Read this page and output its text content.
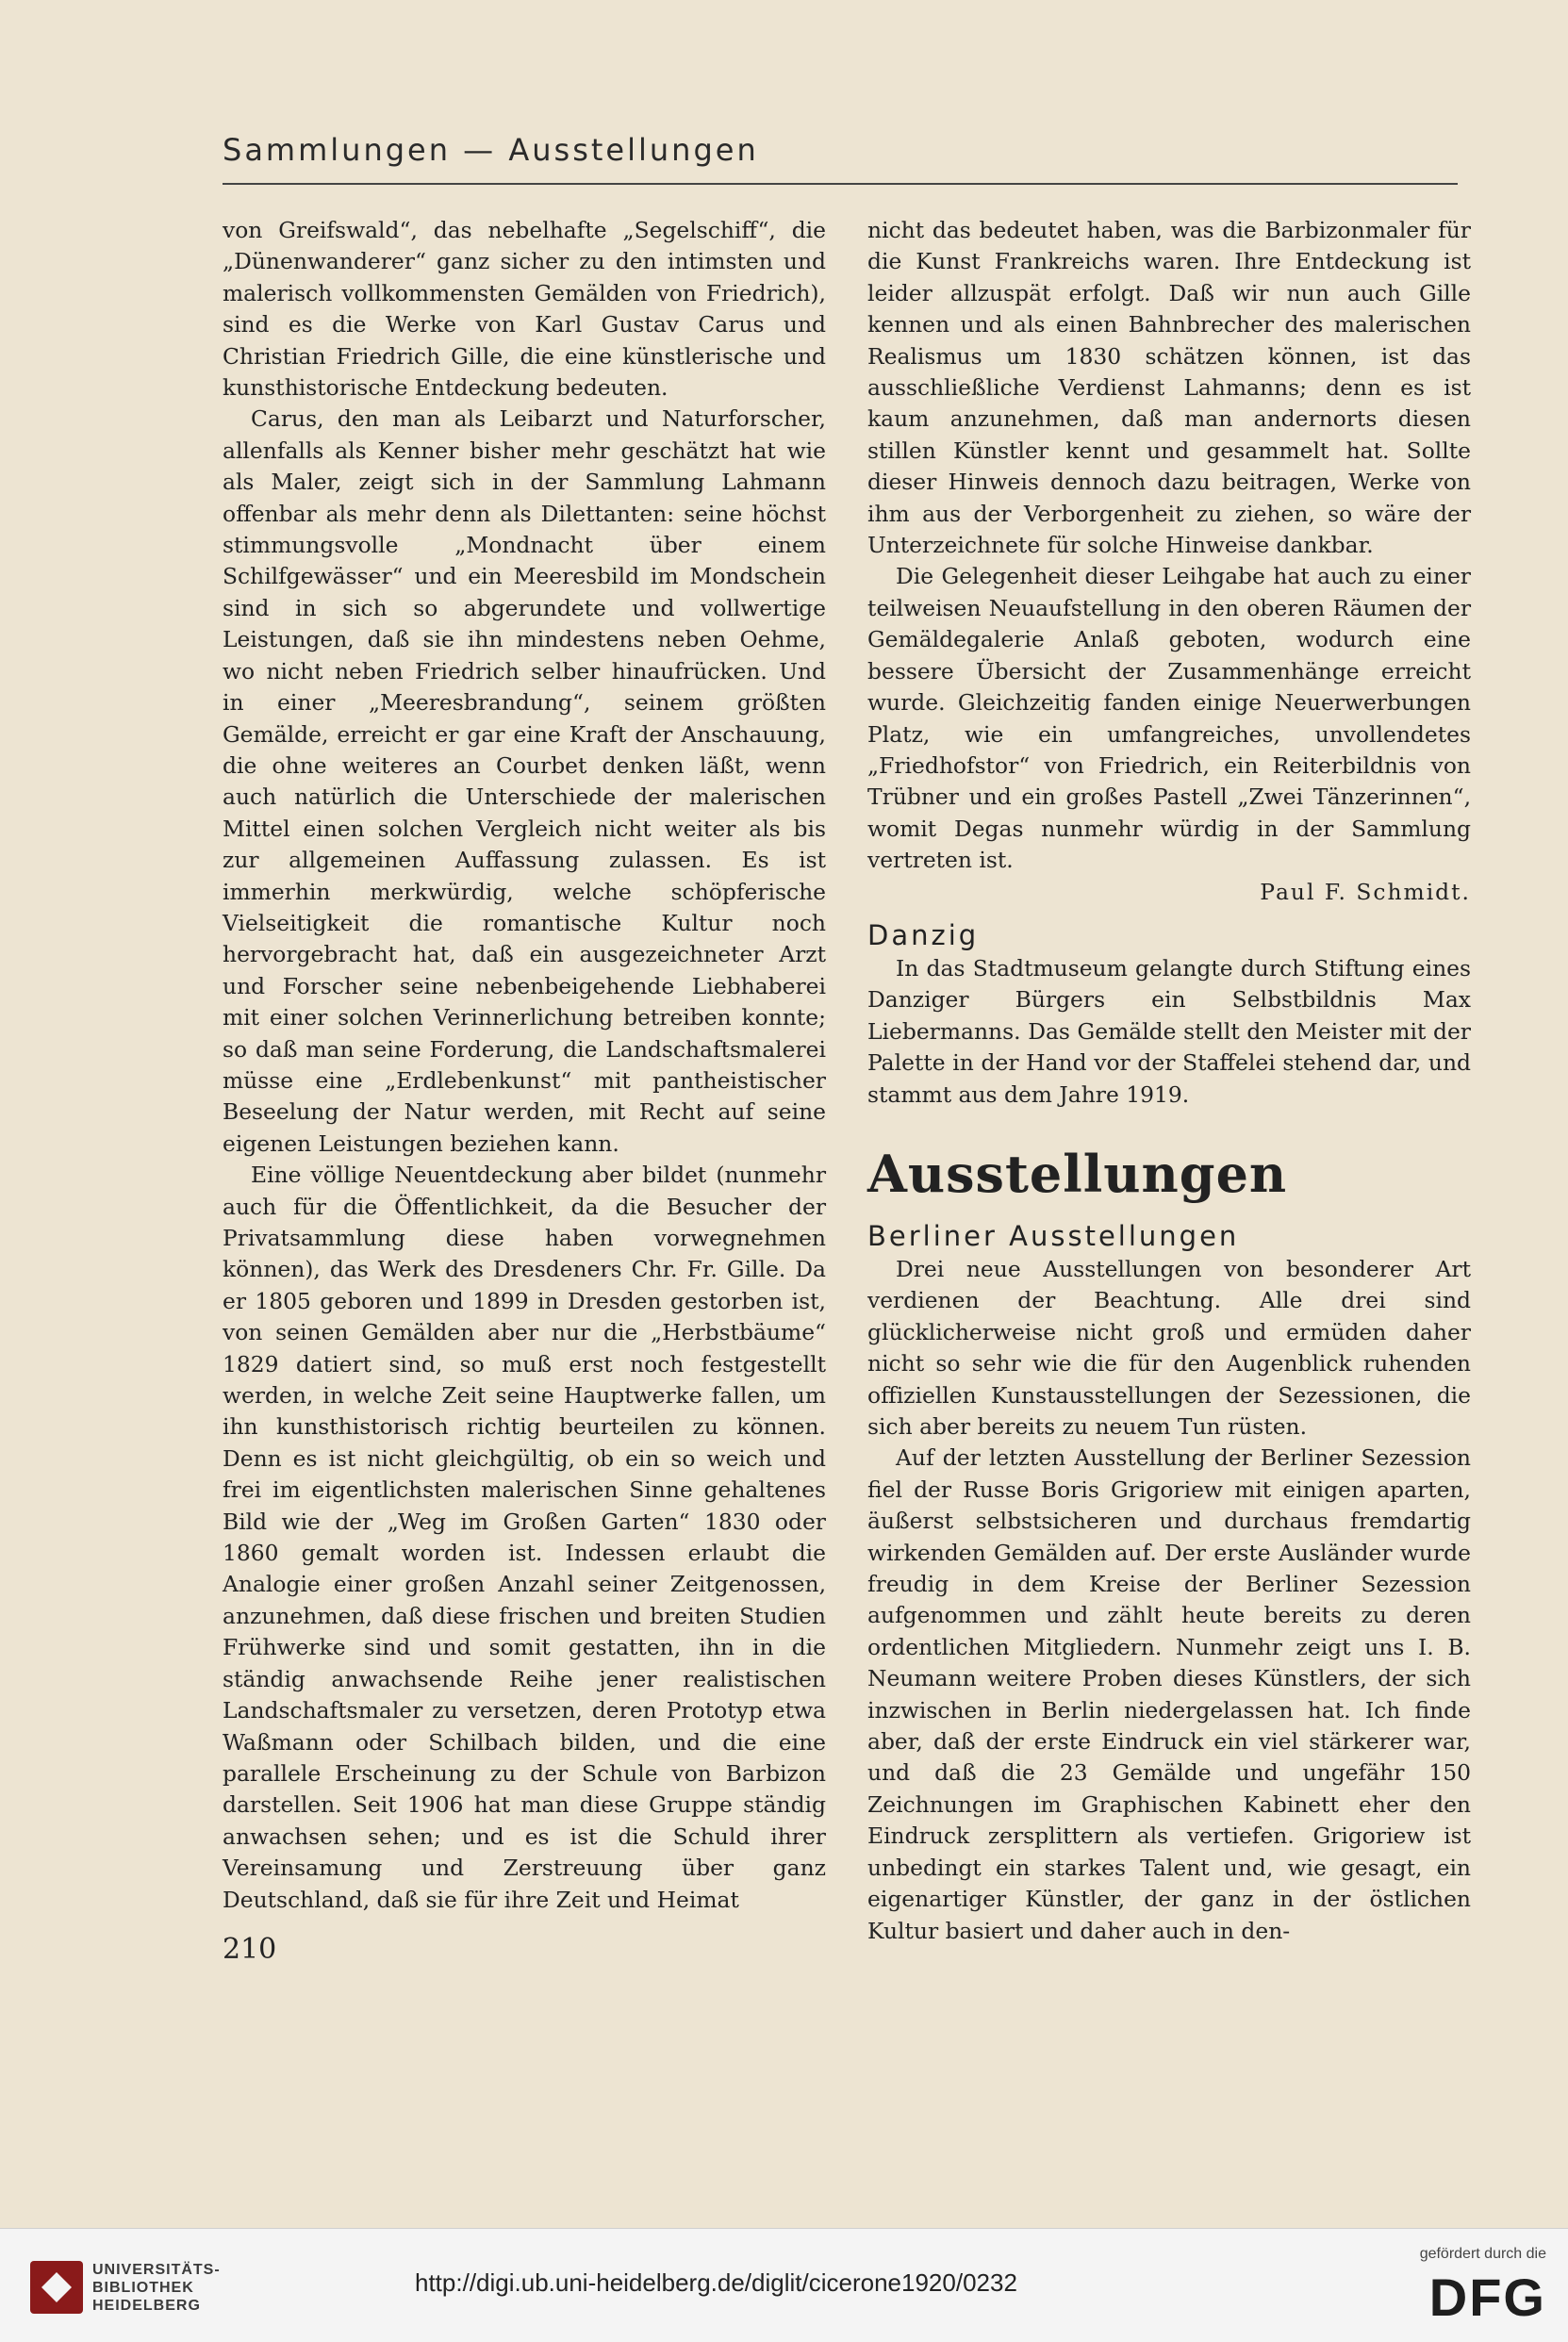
Sammlungen — Ausstellungen

von Greifswald“, das nebelhafte „Segelschiff“, die „Dünenwanderer“ ganz sicher zu den intimsten und malerisch vollkommensten Gemälden von Friedrich), sind es die Werke von Karl Gustav Carus und Christian Friedrich Gille, die eine künstlerische und kunsthistorische Entdeckung bedeuten.

Carus, den man als Leibarzt und Naturforscher, allenfalls als Kenner bisher mehr geschätzt hat wie als Maler, zeigt sich in der Sammlung Lahmann offenbar als mehr denn als Dilettanten: seine höchst stimmungsvolle „Mondnacht über einem Schilfgewässer“ und ein Meeresbild im Mondschein sind in sich so abgerundete und vollwertige Leistungen, daß sie ihn mindestens neben Oehme, wo nicht neben Friedrich selber hinaufrücken. Und in einer „Meeresbrandung“, seinem größten Gemälde, erreicht er gar eine Kraft der Anschauung, die ohne weiteres an Courbet denken läßt, wenn auch natürlich die Unterschiede der malerischen Mittel einen solchen Vergleich nicht weiter als bis zur allgemeinen Auffassung zulassen. Es ist immerhin merkwürdig, welche schöpferische Vielseitigkeit die romantische Kultur noch hervorgebracht hat, daß ein ausgezeichneter Arzt und Forscher seine nebenbeigehende Liebhaberei mit einer solchen Verinnerlichung betreiben konnte; so daß man seine Forderung, die Landschaftsmalerei müsse eine „Erdlebenkunst“ mit pantheistischer Beseelung der Natur werden, mit Recht auf seine eigenen Leistungen beziehen kann.

Eine völlige Neuentdeckung aber bildet (nunmehr auch für die Öffentlichkeit, da die Besucher der Privatsammlung diese haben vorwegnehmen können), das Werk des Dresdeners Chr. Fr. Gille. Da er 1805 geboren und 1899 in Dresden gestorben ist, von seinen Gemälden aber nur die „Herbstbäume“ 1829 datiert sind, so muß erst noch festgestellt werden, in welche Zeit seine Hauptwerke fallen, um ihn kunsthistorisch richtig beurteilen zu können. Denn es ist nicht gleichgültig, ob ein so weich und frei im eigentlichsten malerischen Sinne gehaltenes Bild wie der „Weg im Großen Garten“ 1830 oder 1860 gemalt worden ist. Indessen erlaubt die Analogie einer großen Anzahl seiner Zeitgenossen, anzunehmen, daß diese frischen und breiten Studien Frühwerke sind und somit gestatten, ihn in die ständig anwachsende Reihe jener realistischen Landschaftsmaler zu versetzen, deren Prototyp etwa Waßmann oder Schilbach bilden, und die eine parallele Erscheinung zu der Schule von Barbizon darstellen. Seit 1906 hat man diese Gruppe ständig anwachsen sehen; und es ist die Schuld ihrer Vereinsamung und Zerstreuung über ganz Deutschland, daß sie für ihre Zeit und Heimat

nicht das bedeutet haben, was die Barbizonmaler für die Kunst Frankreichs waren. Ihre Entdeckung ist leider allzuspät erfolgt. Daß wir nun auch Gille kennen und als einen Bahnbrecher des malerischen Realismus um 1830 schätzen können, ist das ausschließliche Verdienst Lahmanns; denn es ist kaum anzunehmen, daß man andernorts diesen stillen Künstler kennt und gesammelt hat. Sollte dieser Hinweis dennoch dazu beitragen, Werke von ihm aus der Verborgenheit zu ziehen, so wäre der Unterzeichnete für solche Hinweise dankbar.

Die Gelegenheit dieser Leihgabe hat auch zu einer teilweisen Neuaufstellung in den oberen Räumen der Gemäldegalerie Anlaß geboten, wodurch eine bessere Übersicht der Zusammenhänge erreicht wurde. Gleichzeitig fanden einige Neuerwerbungen Platz, wie ein umfangreiches, unvollendetes „Friedhofstor“ von Friedrich, ein Reiterbildnis von Trübner und ein großes Pastell „Zwei Tänzerinnen“, womit Degas nunmehr würdig in der Sammlung vertreten ist.

Paul F. Schmidt.

Danzig

In das Stadtmuseum gelangte durch Stiftung eines Danziger Bürgers ein Selbstbildnis Max Liebermanns. Das Gemälde stellt den Meister mit der Palette in der Hand vor der Staffelei stehend dar, und stammt aus dem Jahre 1919.

Ausstellungen
Berliner Ausstellungen

Drei neue Ausstellungen von besonderer Art verdienen der Beachtung. Alle drei sind glücklicherweise nicht groß und ermüden daher nicht so sehr wie die für den Augenblick ruhenden offiziellen Kunstausstellungen der Sezessionen, die sich aber bereits zu neuem Tun rüsten.

Auf der letzten Ausstellung der Berliner Sezession fiel der Russe Boris Grigoriew mit einigen aparten, äußerst selbstsicheren und durchaus fremdartig wirkenden Gemälden auf. Der erste Ausländer wurde freudig in dem Kreise der Berliner Sezession aufgenommen und zählt heute bereits zu deren ordentlichen Mitgliedern. Nunmehr zeigt uns I. B. Neumann weitere Proben dieses Künstlers, der sich inzwischen in Berlin niedergelassen hat. Ich finde aber, daß der erste Eindruck ein viel stärkerer war, und daß die 23 Gemälde und ungefähr 150 Zeichnungen im Graphischen Kabinett eher den Eindruck zersplittern als vertiefen. Grigoriew ist unbedingt ein starkes Talent und, wie gesagt, ein eigenartiger Künstler, der ganz in der östlichen Kultur basiert und daher auch in den-

210
UNIVERSITÄTS-
BIBLIOTHEK
HEIDELBERG
http://digi.ub.uni-heidelberg.de/diglit/cicerone1920/0232
gefördert durch die
DFG
